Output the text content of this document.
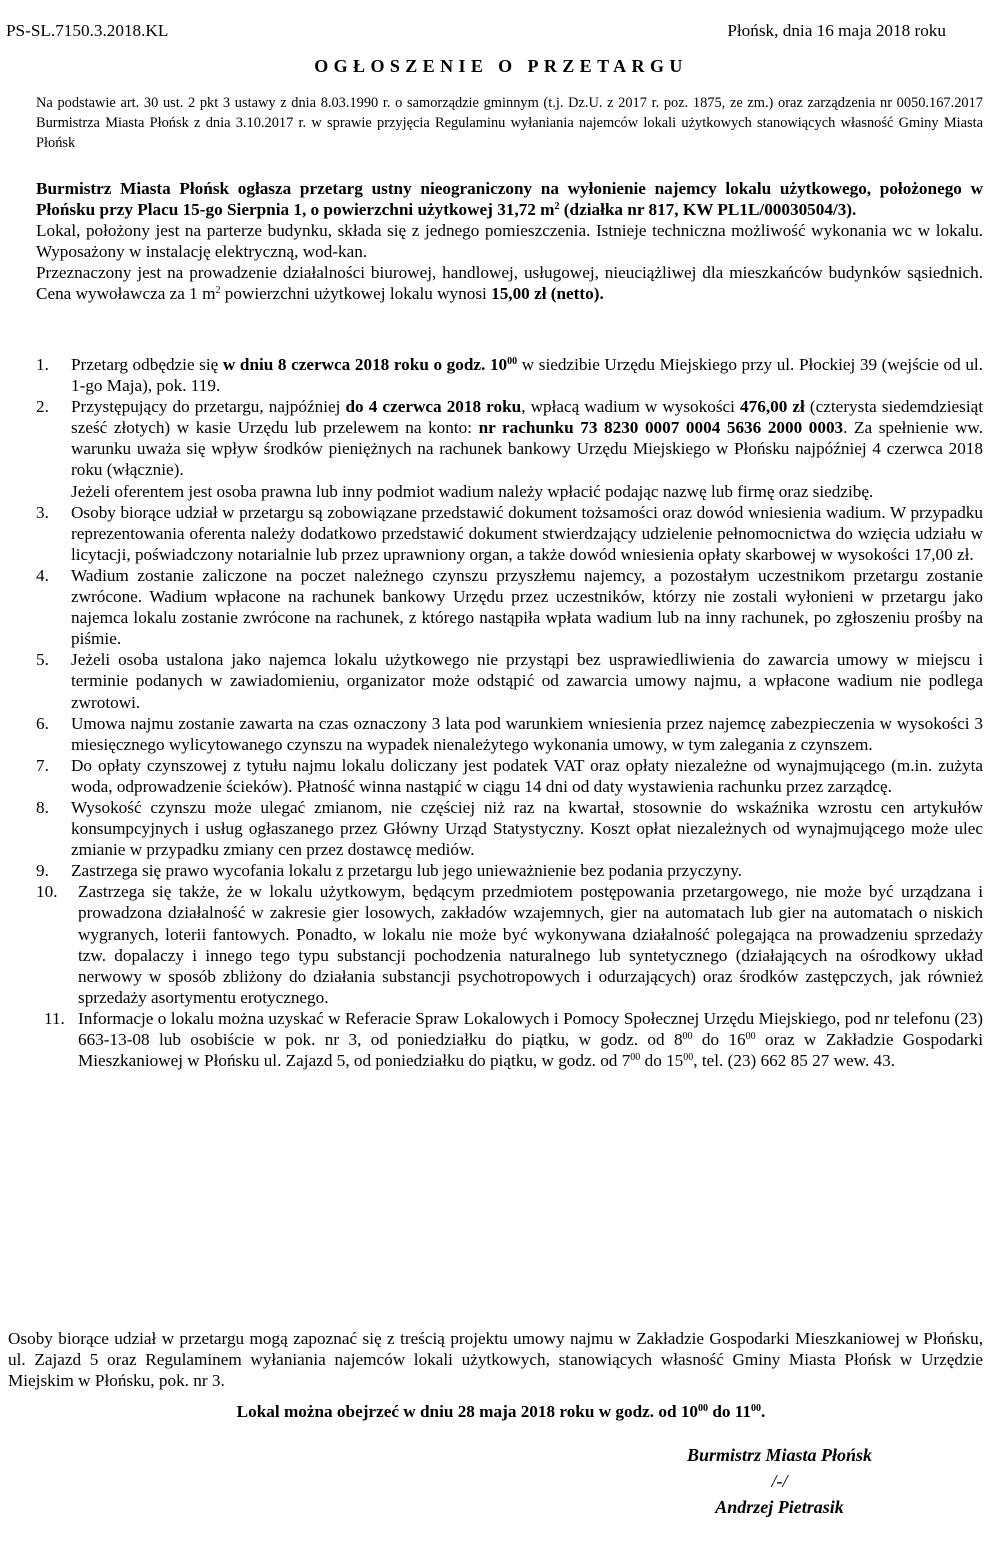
PS-SL.7150.3.2018.KL	Płońsk, dnia 16 maja 2018 roku
OGŁOSZENIE O PRZETARGU
Na podstawie art. 30 ust. 2 pkt 3 ustawy z dnia 8.03.1990 r. o samorządzie gminnym (t.j. Dz.U. z 2017 r. poz. 1875, ze zm.) oraz zarządzenia nr 0050.167.2017 Burmistrza Miasta Płońsk z dnia 3.10.2017 r. w sprawie przyjęcia Regulaminu wyłaniania najemców lokali użytkowych stanowiących własność Gminy Miasta Płońsk

Burmistrz Miasta Płońsk ogłasza przetarg ustny nieograniczony na wyłonienie najemcy lokalu użytkowego, położonego w Płońsku przy Placu 15-go Sierpnia 1, o powierzchni użytkowej 31,72 $m^2$ (działka nr 817, KW PL1L/00030504/3).

Lokal, położony jest na parterze budynku, składa się z jednego pomieszczenia. Istnieje techniczna możliwość wykonania wc w lokalu. Wyposażony w instalację elektryczną, wod-kan.

Przeznaczony jest na prowadzenie działalności biurowej, handlowej, usługowej, nieuciążliwej dla mieszkańców budynków sąsiednich. Cena wywoławcza za 1 $m^2$ powierzchni użytkowej lokalu wynosi 15,00 zł (netto).

1. Przetarg odbędzie się w dniu 8 czerwca 2018 roku o godz. $10^{00}$ w siedzibie Urzędu Miejskiego przy ul. Płockiej 39 (wejście od ul. 1-go Maja), pok. 119.
2. Przystępujący do przetargu, najpóźniej do 4 czerwca 2018 roku, wpłacą wadium w wysokości 476,00 zł (czterysta siedemdziesiąt sześć złotych) w kasie Urzędu lub przelewem na konto: nr rachunku 73 8230 0007 0004 5636 2000 0003. Za spełnienie ww. warunku uważa się wpływ środków pieniężnych na rachunek bankowy Urzędu Miejskiego w Płońsku najpóźniej 4 czerwca 2018 roku (włącznie).
Jeżeli oferentem jest osoba prawna lub inny podmiot wadium należy wpłacić podając nazwę lub firmę oraz siedzibę.
3. Osoby biorące udział w przetargu są zobowiązane przedstawić dokument tożsamości oraz dowód wniesienia wadium. W przypadku reprezentowania oferenta należy dodatkowo przedstawić dokument stwierdzający udzielenie pełnomocnictwa do wzięcia udziału w licytacji, poświadczony notarialnie lub przez uprawniony organ, a także dowód wniesienia opłaty skarbowej w wysokości 17,00 zł.
4. Wadium zostanie zaliczone na poczet należnego czynszu przyszłemu najemcy, a pozostałym uczestnikom przetargu zostanie zwrócone. Wadium wpłacone na rachunek bankowy Urzędu przez uczestników, którzy nie zostali wyłonieni w przetargu jako najemca lokalu zostanie zwrócone na rachunek, z którego nastąpiła wpłata wadium lub na inny rachunek, po zgłoszeniu prośby na piśmie.
5. Jeżeli osoba ustalona jako najemca lokalu użytkowego nie przystąpi bez usprawiedliwienia do zawarcia umowy w miejscu i terminie podanych w zawiadomieniu, organizator może odstąpić od zawarcia umowy najmu, a wpłacone wadium nie podlega zwrotowi.
6. Umowa najmu zostanie zawarta na czas oznaczony 3 lata pod warunkiem wniesienia przez najemcę zabezpieczenia w wysokości 3 miesięcznego wylicytowanego czynszu na wypadek nienależytego wykonania umowy, w tym zalegania z czynszem.
7. Do opłaty czynszowej z tytułu najmu lokalu doliczany jest podatek VAT oraz opłaty niezależne od wynajmującego (m.in. zużyta woda, odprowadzenie ścieków). Płatność winna nastąpić w ciągu 14 dni od daty wystawienia rachunku przez zarządcę.
8. Wysokość czynszu może ulegać zmianom, nie częściej niż raz na kwartał, stosownie do wskaźnika wzrostu cen artykułów konsumpcyjnych i usług ogłaszanego przez Główny Urząd Statystyczny. Koszt opłat niezależnych od wynajmującego może ulec zmianie w przypadku zmiany cen przez dostawcę mediów.
9. Zastrzega się prawo wycofania lokalu z przetargu lub jego unieważnienie bez podania przyczyny.
10. Zastrzega się także, że w lokalu użytkowym, będącym przedmiotem postępowania przetargowego, nie może być urządzana i prowadzona działalność w zakresie gier losowych, zakładów wzajemnych, gier na automatach lub gier na automatach o niskich wygranych, loterii fantowych. Ponadto, w lokalu nie może być wykonywana działalność polegająca na prowadzeniu sprzedaży tzw. dopalaczy i innego tego typu substancji pochodzenia naturalnego lub syntetycznego (działających na ośrodkowy układ nerwowy w sposób zbliżony do działania substancji psychotropowych i odurzających) oraz środków zastępczych, jak również sprzedaży asortymentu erotycznego.
11. Informacje o lokalu można uzyskać w Referacie Spraw Lokalowych i Pomocy Społecznej Urzędu Miejskiego, pod nr telefonu (23) 663-13-08 lub osobiście w pok. nr 3, od poniedziałku do piątku, w godz. od $8^{00}$ do $16^{00}$ oraz w Zakładzie Gospodarki Mieszkaniowej w Płońsku ul. Zajazd 5, od poniedziałku do piątku, w godz. od $7^{00}$ do $15^{00}$, tel. (23) 662 85 27 wew. 43.
Osoby biorące udział w przetargu mogą zapoznać się z treścią projektu umowy najmu w Zakładzie Gospodarki Mieszkaniowej w Płońsku, ul. Zajazd 5 oraz Regulaminem wyłaniania najemców lokali użytkowych, stanowiących własność Gminy Miasta Płońsk w Urzędzie Miejskim w Płońsku, pok. nr 3.
Lokal można obejrzeć w dniu 28 maja 2018 roku w godz. od $10^{00}$ do $11^{00}$.
Burmistrz Miasta Płońsk
/-/
Andrzej Pietrasik
